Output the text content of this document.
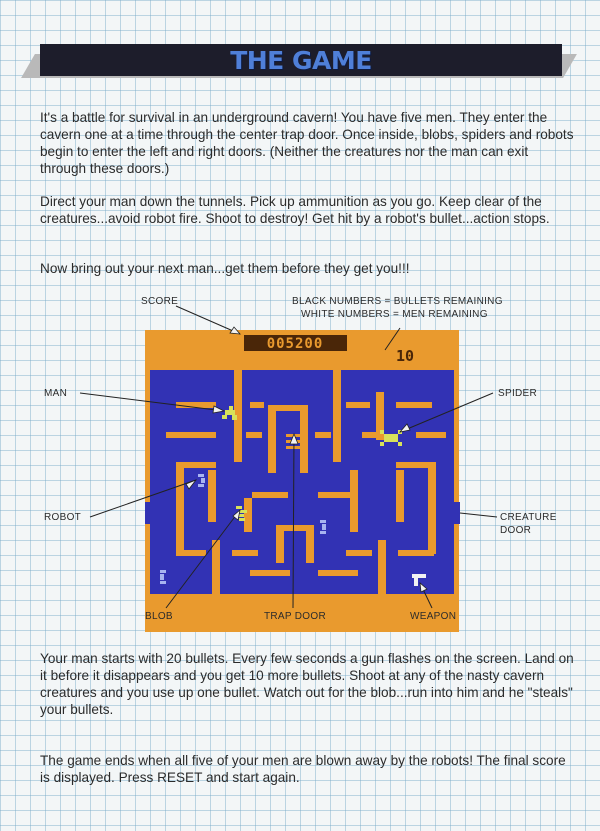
THE GAME

It's a battle for survival in an underground cavern! You have five men. They enter the cavern one at a time through the center trap door. Once inside, blobs, spiders and robots begin to enter the left and right doors. (Neither the creatures nor the man can exit through these doors.)

Direct your man down the tunnels. Pick up ammunition as you go. Keep clear of the creatures...avoid robot fire. Shoot to destroy! Get hit by a robot's bullet...action stops.

Now bring out your next man...get them before they get you!!!

005200
10
SCORE	BLACK NUMBERS = BULLETS REMAINING
WHITE NUMBERS = MEN REMAINING
MAN	SPIDER
ROBOT	CREATURE
DOOR
BLOB	TRAP DOOR	WEAPON

Your man starts with 20 bullets. Every few seconds a gun flashes on the screen. Land on it before it disappears and you get 10 more bullets. Shoot at any of the nasty cavern creatures and you use up one bullet. Watch out for the blob...run into him and he "steals" your bullets.

The game ends when all five of your men are blown away by the robots! The final score is displayed. Press RESET and start again.
